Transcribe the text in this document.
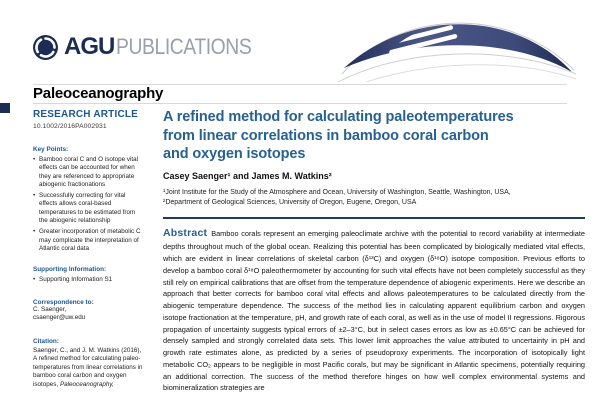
AGU PUBLICATIONS
Paleoceanography
RESEARCH ARTICLE
10.1002/2016PA002931
Key Points:
• Bamboo coral C and O isotope vital effects can be accounted for when they are referenced to appropriate abiogenic fractionations
• Successfully correcting for vital effects allows coral-based temperatures to be estimated from the abiogenic relationship
• Greater incorporation of metabolic C may complicate the interpretation of Atlantic coral data
Supporting Information:
• Supporting Information S1
Correspondence to:
C. Saenger,
csaenger@uw.edu
Citation:

Saenger, C., and J. M. Watkins (2016), A refined method for calculating paleotemperatures from linear correlations in bamboo coral carbon and oxygen isotopes, Paleoceanography,

A refined method for calculating paleotemperatures
from linear correlations in bamboo coral carbon
and oxygen isotopes
Casey Saenger¹ and James M. Watkins²
¹Joint Institute for the Study of the Atmosphere and Ocean, University of Washington, Seattle, Washington, USA,
²Department of Geological Sciences, University of Oregon, Eugene, Oregon, USA

Abstract Bamboo corals represent an emerging paleoclimate archive with the potential to record variability at intermediate depths throughout much of the global ocean. Realizing this potential has been complicated by biologically mediated vital effects, which are evident in linear correlations of skeletal carbon (δ¹³C) and oxygen (δ¹⁸O) isotope composition. Previous efforts to develop a bamboo coral δ¹⁸O paleothermometer by accounting for such vital effects have not been completely successful as they still rely on empirical calibrations that are offset from the temperature dependence of abiogenic experiments. Here we describe an approach that better corrects for bamboo coral vital effects and allows paleotemperatures to be calculated directly from the abiogenic temperature dependence. The success of the method lies in calculating apparent equilibrium carbon and oxygen isotope fractionation at the temperature, pH, and growth rate of each coral, as well as in the use of model II regressions. Rigorous propagation of uncertainty suggests typical errors of ±2–3°C, but in select cases errors as low as ±0.65°C can be achieved for densely sampled and strongly correlated data sets. This lower limit approaches the value attributed to uncertainty in pH and growth rate estimates alone, as predicted by a series of pseudoproxy experiments. The incorporation of isotopically light metabolic CO₂ appears to be negligible in most Pacific corals, but may be significant in Atlantic specimens, potentially requiring an additional correction. The success of the method therefore hinges on how well complex environmental systems and biomineralization strategies are
